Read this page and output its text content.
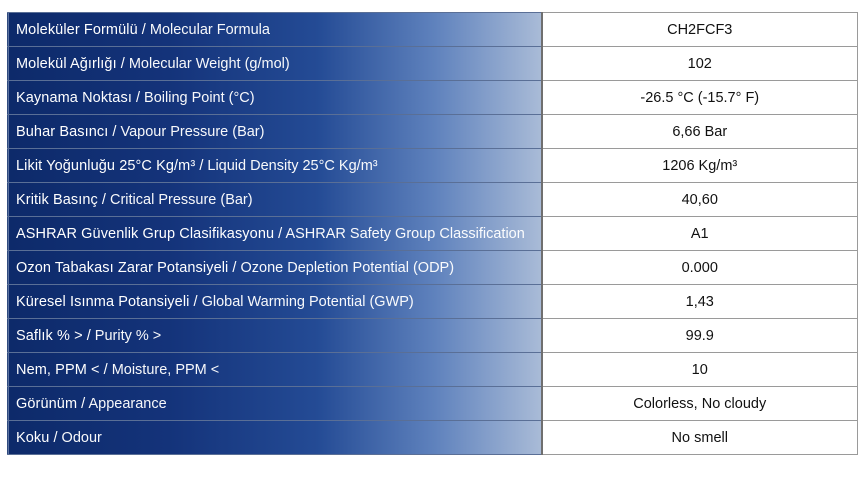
Moleküler Formülü / Molecular Formula	CH2FCF3
Molekül Ağırlığı / Molecular Weight (g/mol)	102
Kaynama Noktası / Boiling Point (°C)	-26.5 °C (-15.7° F)
Buhar Basıncı / Vapour Pressure (Bar)	6,66 Bar
Likit Yoğunluğu 25°C Kg/m³ / Liquid Density 25°C Kg/m³	1206 Kg/m³
Kritik Basınç / Critical Pressure (Bar)	40,60
ASHRAR Güvenlik Grup Clasifikasyonu / ASHRAR Safety Group Classification	A1
Ozon Tabakası Zarar Potansiyeli / Ozone Depletion Potential (ODP)	0.000
Küresel Isınma Potansiyeli / Global Warming Potential (GWP)	1,43
Saflık % > / Purity % >	99.9
Nem, PPM < / Moisture, PPM <	10
Görünüm / Appearance	Colorless, No cloudy
Koku / Odour	No smell
